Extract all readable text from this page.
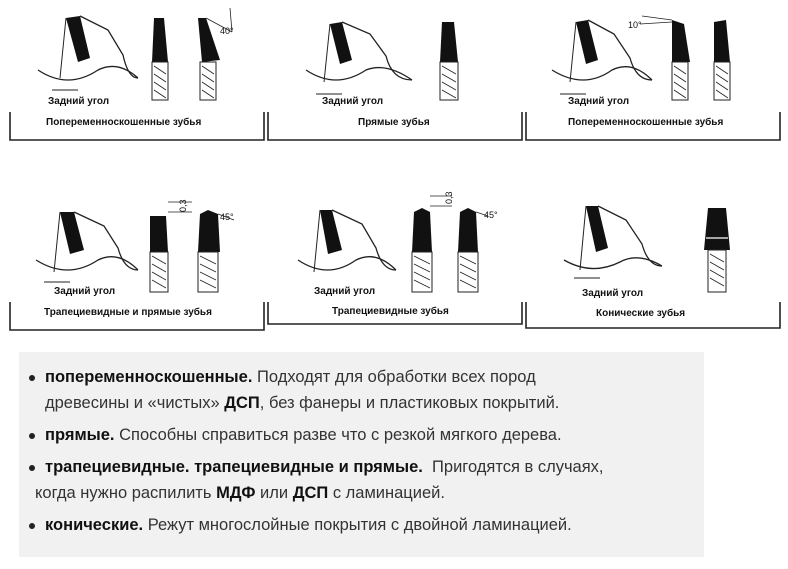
40°
Задний угол
Попеременноскошенные зубья
Задний угол
Прямые зубья
10°
Задний угол
Попеременноскошенные зубья
0,3
45°
Задний угол
Трапециевидные и прямые зубья
0,3
45°
Задний угол
Трапециевидные зубья
Задний угол
Конические зубья
попеременноскошенные. Подходят для обработки всех пород
древесины и «чистых» ДСП, без фанеры и пластиковых покрытий.
прямые. Способны справиться разве что с резкой мягкого дерева.
трапециевидные. трапециевидные и прямые. Пригодятся в случаях,
когда нужно распилить МДФ или ДСП с ламинацией.
конические. Режут многослойные покрытия с двойной ламинацией.
